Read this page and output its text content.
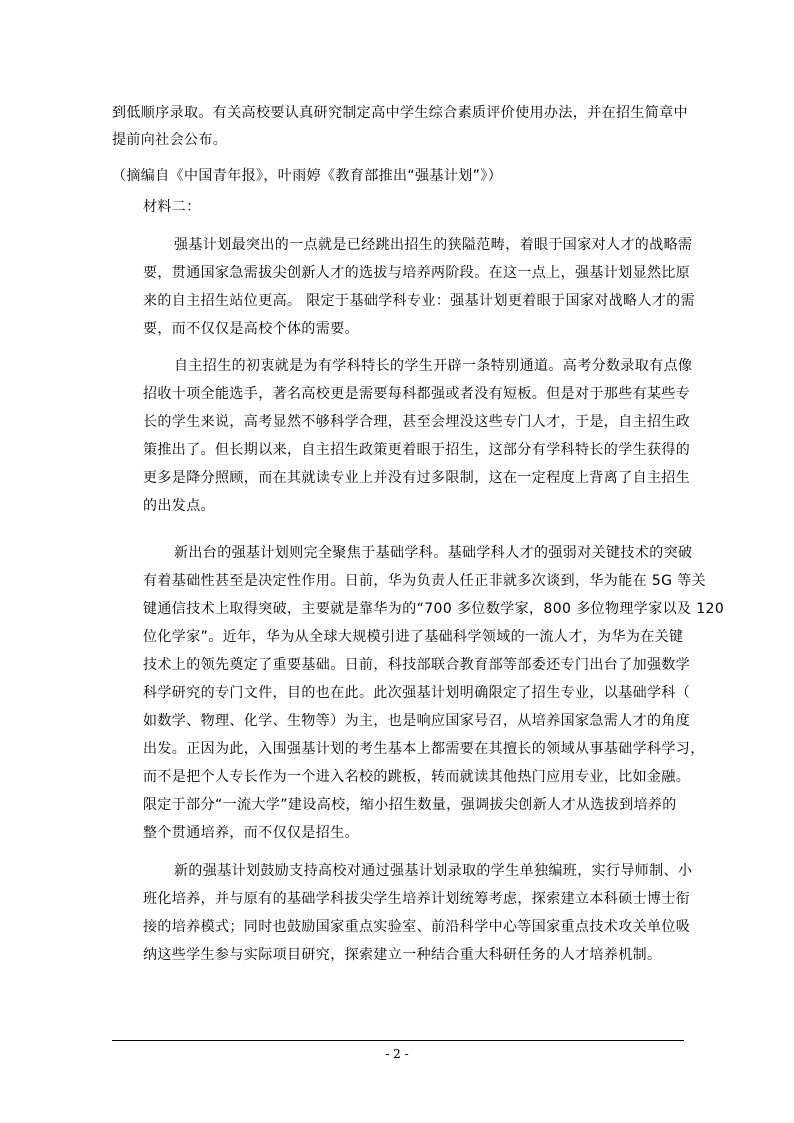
到低顺序录取。有关高校要认真研究制定高中学生综合素质评价使用办法，并在招生简章中
提前向社会公布。
（摘编自《中国青年报》，叶雨婷《教育部推出“强基计划”》）
材料二：
强基计划最突出的一点就是已经跳出招生的狭隘范畴，着眼于国家对人才的战略需
要，贯通国家急需拔尖创新人才的选拔与培养两阶段。在这一点上，强基计划显然比原
来的自主招生站位更高。 限定于基础学科专业：强基计划更着眼于国家对战略人才的需
要，而不仅仅是高校个体的需要。
自主招生的初衷就是为有学科特长的学生开辟一条特别通道。高考分数录取有点像
招收十项全能选手，著名高校更是需要每科都强或者没有短板。但是对于那些有某些专
长的学生来说，高考显然不够科学合理，甚至会埋没这些专门人才，于是，自主招生政
策推出了。但长期以来，自主招生政策更着眼于招生，这部分有学科特长的学生获得的
更多是降分照顾，而在其就读专业上并没有过多限制，这在一定程度上背离了自主招生
的出发点。
新出台的强基计划则完全聚焦于基础学科。基础学科人才的强弱对关键技术的突破
有着基础性甚至是决定性作用。日前，华为负责人任正非就多次谈到，华为能在 5G 等关
键通信技术上取得突破，主要就是靠华为的“700 多位数学家，800 多位物理学家以及 120
位化学家”。近年，华为从全球大规模引进了基础科学领域的一流人才，为华为在关键
技术上的领先奠定了重要基础。日前，科技部联合教育部等部委还专门出台了加强数学
科学研究的专门文件，目的也在此。此次强基计划明确限定了招生专业，以基础学科（
如数学、物理、化学、生物等）为主，也是响应国家号召，从培养国家急需人才的角度
出发。正因为此，入围强基计划的考生基本上都需要在其擅长的领域从事基础学科学习，
而不是把个人专长作为一个进入名校的跳板，转而就读其他热门应用专业，比如金融。
限定于部分“一流大学”建设高校，缩小招生数量，强调拔尖创新人才从选拔到培养的
整个贯通培养，而不仅仅是招生。
新的强基计划鼓励支持高校对通过强基计划录取的学生单独编班，实行导师制、小
班化培养，并与原有的基础学科拔尖学生培养计划统筹考虑，探索建立本科硕士博士衔
接的培养模式；同时也鼓励国家重点实验室、前沿科学中心等国家重点技术攻关单位吸
纳这些学生参与实际项目研究，探索建立一种结合重大科研任务的人才培养机制。
- 2 -
